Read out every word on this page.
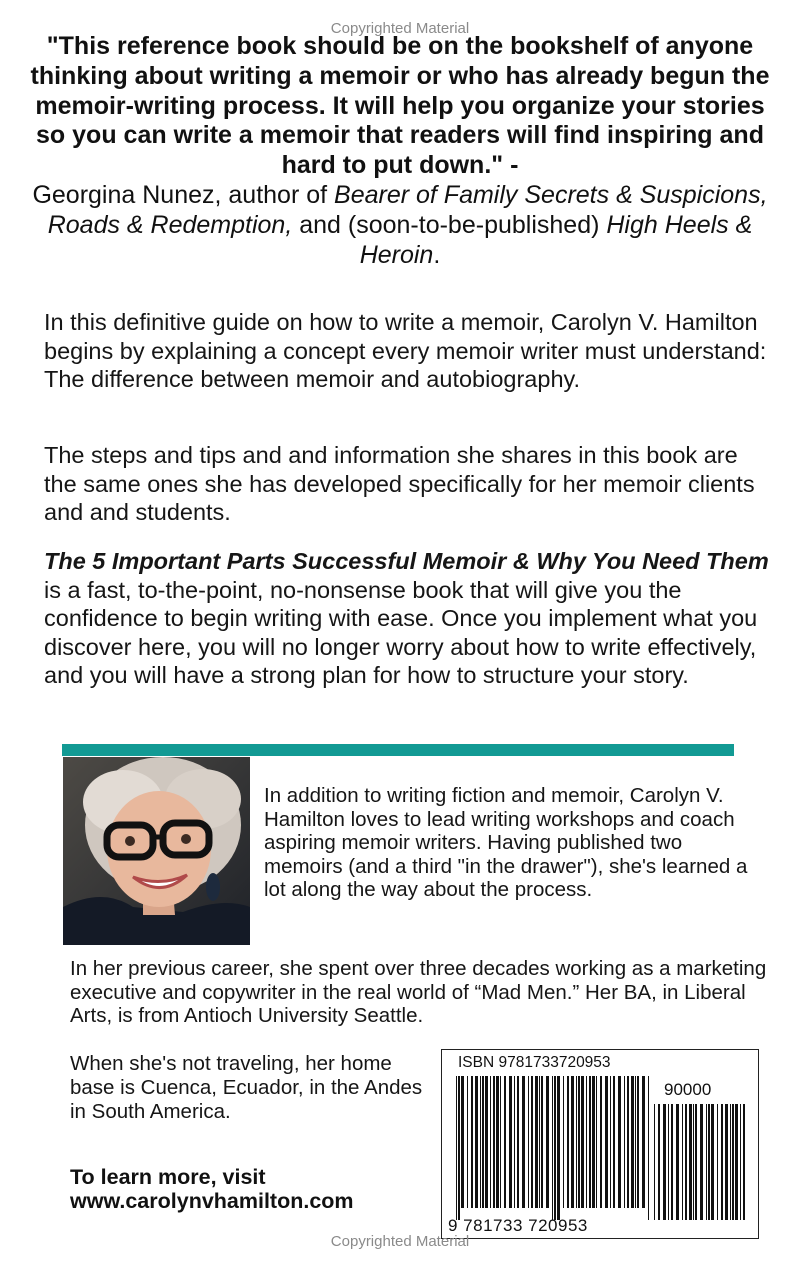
Copyrighted Material
"This reference book should be on the bookshelf of anyone thinking about writing a memoir or who has already begun the memoir-writing process. It will help you organize your stories so you can write a memoir that readers will find inspiring and hard to put down." -
Georgina Nunez, author of Bearer of Family Secrets & Suspicions, Roads & Redemption, and (soon-to-be-published) High Heels & Heroin.

In this definitive guide on how to write a memoir, Carolyn V. Hamilton begins by explaining a concept every memoir writer must understand: The difference between memoir and autobiography.

The steps and tips and and information she shares in this book are the same ones she has developed specifically for her memoir clients and and students.

The 5 Important Parts Successful Memoir & Why You Need Them is a fast, to-the-point, no-nonsense book that will give you the confidence to begin writing with ease. Once you implement what you discover here, you will no longer worry about how to write effectively, and you will have a strong plan for how to structure your story.

In addition to writing fiction and memoir, Carolyn V. Hamilton loves to lead writing workshops and coach aspiring memoir writers. Having published two memoirs (and a third "in the drawer"), she's learned a lot along the way about the process.

In her previous career, she spent over three decades working as a marketing executive and copywriter in the real world of “Mad Men.” Her BA, in Liberal Arts, is from Antioch University Seattle.

When she's not traveling, her home base is Cuenca, Ecuador, in the Andes in South America.

To learn more, visit
www.carolynvhamilton.com
ISBN 9781733720953
90000
9 781733 720953
Copyrighted Material
